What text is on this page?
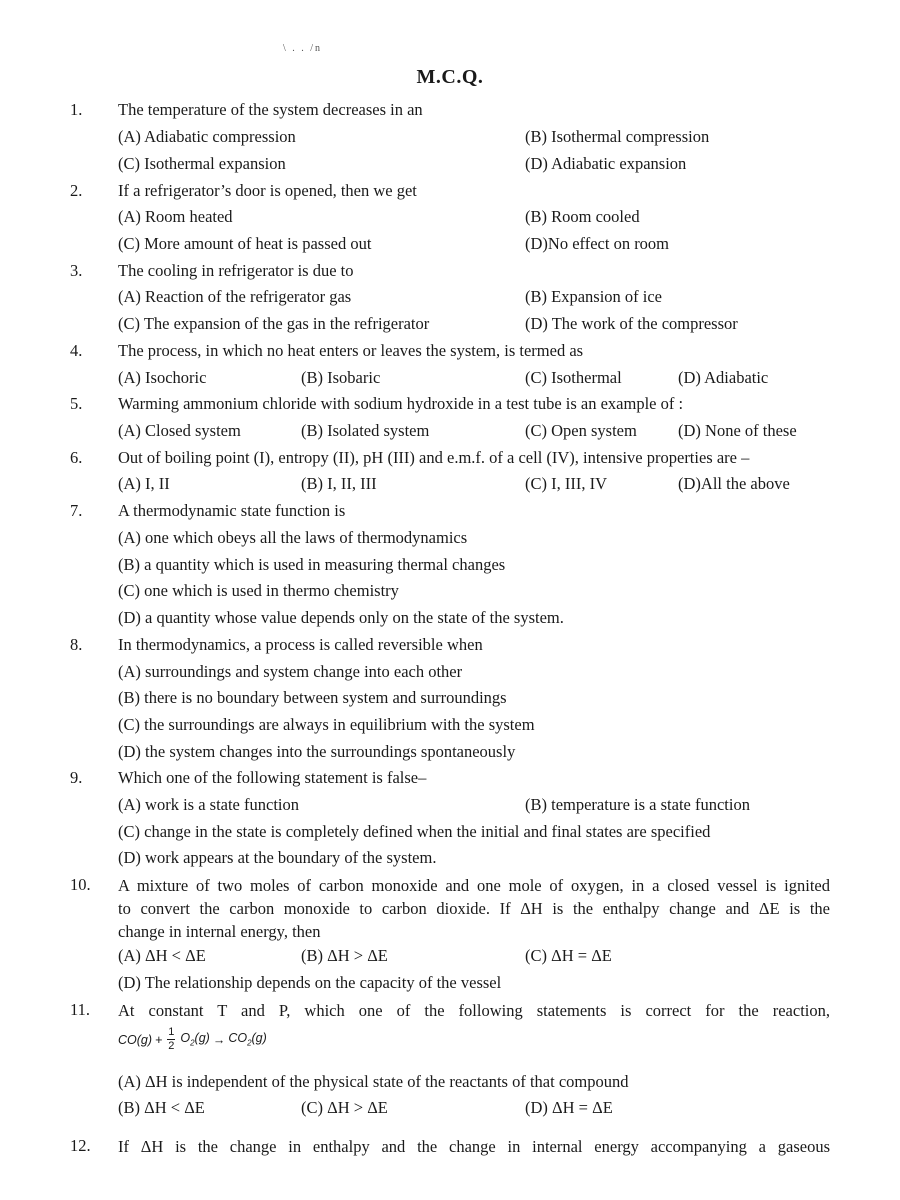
\ . . /n
M.C.Q.
1. The temperature of the system decreases in an
(A) Adiabatic compression	(B) Isothermal compression
(C) Isothermal expansion	(D) Adiabatic expansion
2. If a refrigerator’s door is opened, then we get
(A) Room heated	(B) Room cooled
(C) More amount of heat is passed out	(D)No effect on room
3. The cooling in refrigerator is due to
(A) Reaction of the refrigerator gas	(B) Expansion of ice
(C) The expansion of the gas in the refrigerator	(D) The work of the compressor
4. The process, in which no heat enters or leaves the system, is termed as
(A) Isochoric	(B) Isobaric	(C) Isothermal	(D) Adiabatic
5. Warming ammonium chloride with sodium hydroxide in a test tube is an example of :
(A) Closed system	(B) Isolated system	(C) Open system (D) None of these
6. Out of boiling point (I), entropy (II), pH (III) and e.m.f. of a cell (IV), intensive properties are –
(A) I, II	(B) I, II, III	(C) I, III, IV	(D)All the above
7. A thermodynamic state function is
(A) one which obeys all the laws of thermodynamics
(B) a quantity which is used in measuring thermal changes
(C) one which is used in thermo chemistry
(D) a quantity whose value depends only on the state of the system.
8. In thermodynamics, a process is called reversible when
(A) surroundings and system change into each other
(B) there is no boundary between system and surroundings
(C) the surroundings are always in equilibrium with the system
(D) the system changes into the surroundings spontaneously
9. Which one of the following statement is false–
(A) work is a state function	(B) temperature is a state function
(C) change in the state is completely defined when the initial and final states are specified
(D) work appears at the boundary of the system.
10. A mixture of two moles of carbon monoxide and one mole of oxygen, in a closed vessel is ignited
to convert the carbon monoxide to carbon dioxide. If ΔH is the enthalpy change and ΔE is the
change in internal energy, then
(A) ΔH < ΔE	(B) ΔH > ΔE	(C) ΔH = ΔE
(D) The relationship depends on the capacity of the vessel
11. At constant T and P, which one of the following statements is correct for the reaction,
$CO(g) + \frac{1}{2} O_2(g) \to CO_2(g)$
(A) ΔH is independent of the physical state of the reactants of that compound
(B) ΔH < ΔE	(C) ΔH > ΔE	(D) ΔH = ΔE
12. If ΔH is the change in enthalpy and the change in internal energy accompanying a gaseous
